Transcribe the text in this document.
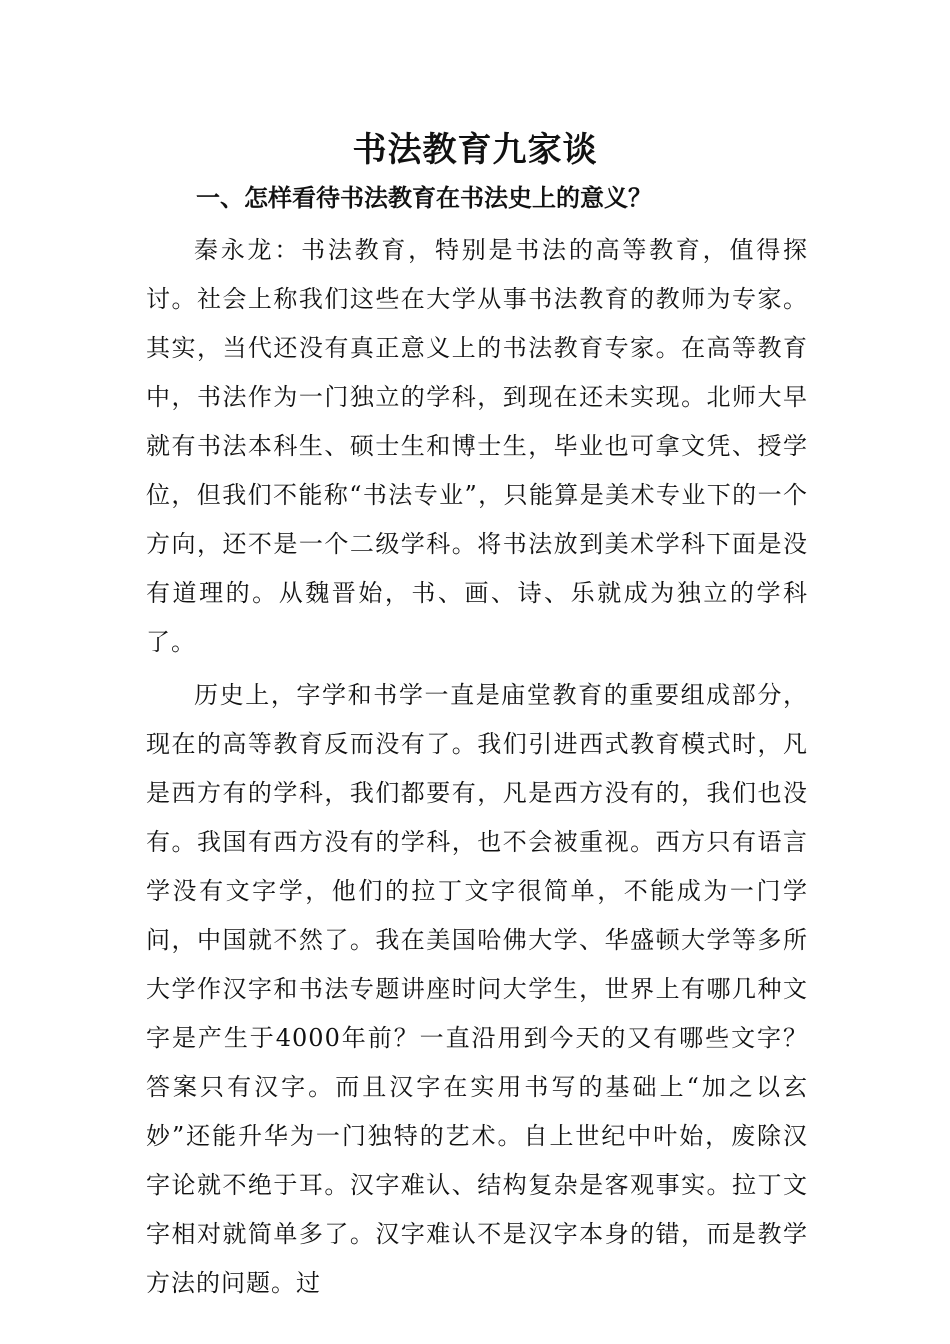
书法教育九家谈
一、怎样看待书法教育在书法史上的意义？

秦永龙：书法教育，特别是书法的高等教育，值得探讨。社会上称我们这些在大学从事书法教育的教师为专家。其实，当代还没有真正意义上的书法教育专家。在高等教育中，书法作为一门独立的学科，到现在还未实现。北师大早就有书法本科生、硕士生和博士生，毕业也可拿文凭、授学位，但我们不能称“书法专业”，只能算是美术专业下的一个方向，还不是一个二级学科。将书法放到美术学科下面是没有道理的。从魏晋始，书、画、诗、乐就成为独立的学科了。

历史上，字学和书学一直是庙堂教育的重要组成部分，现在的高等教育反而没有了。我们引进西式教育模式时，凡是西方有的学科，我们都要有，凡是西方没有的，我们也没有。我国有西方没有的学科，也不会被重视。西方只有语言学没有文字学，他们的拉丁文字很简单，不能成为一门学问，中国就不然了。我在美国哈佛大学、华盛顿大学等多所大学作汉字和书法专题讲座时问大学生，世界上有哪几种文字是产生于4000年前？一直沿用到今天的又有哪些文字？答案只有汉字。而且汉字在实用书写的基础上“加之以玄妙”还能升华为一门独特的艺术。自上世纪中叶始，废除汉字论就不绝于耳。汉字难认、结构复杂是客观事实。拉丁文字相对就简单多了。汉字难认不是汉字本身的错，而是教学方法的问题。过
